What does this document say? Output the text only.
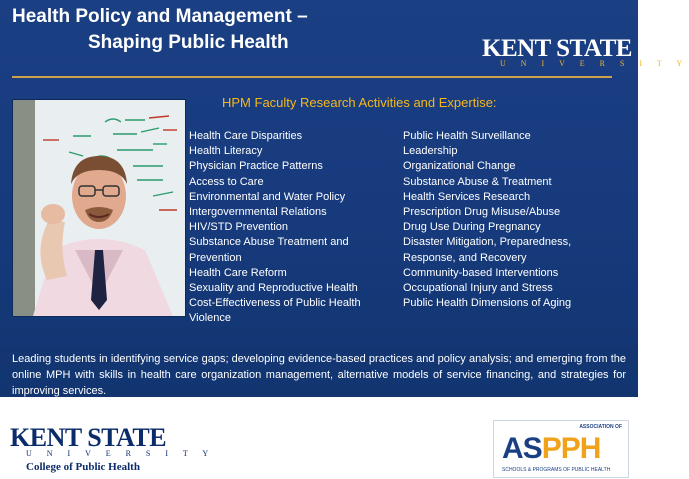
Health Policy and Management –
Shaping Public Health	KENT STATE
U N I V E R S I T Y
HPM Faculty Research Activities and Expertise:
Health Care Disparities
Health Literacy
Physician Practice Patterns
Access to Care
Environmental and Water Policy
Intergovernmental Relations
HIV/STD Prevention
Substance Abuse Treatment and
Prevention
Health Care Reform
Sexuality and Reproductive Health
Cost-Effectiveness of Public Health
Violence
Public Health Surveillance
Leadership
Organizational Change
Substance Abuse & Treatment
Health Services Research
Prescription Drug Misuse/Abuse
Drug Use During Pregnancy
Disaster Mitigation, Preparedness,
Response, and Recovery
Community-based Interventions
Occupational Injury and Stress
Public Health Dimensions of Aging

Leading students in identifying service gaps; developing evidence-based practices and policy analysis; and emerging from the online MPH with skills in health care organization management, alternative models of service financing, and strategies for improving services.

KENT STATE
U N I V E R S I T Y
College of Public Health
ASSOCIATION OF
ASPPH
SCHOOLS & PROGRAMS OF PUBLIC HEALTH
